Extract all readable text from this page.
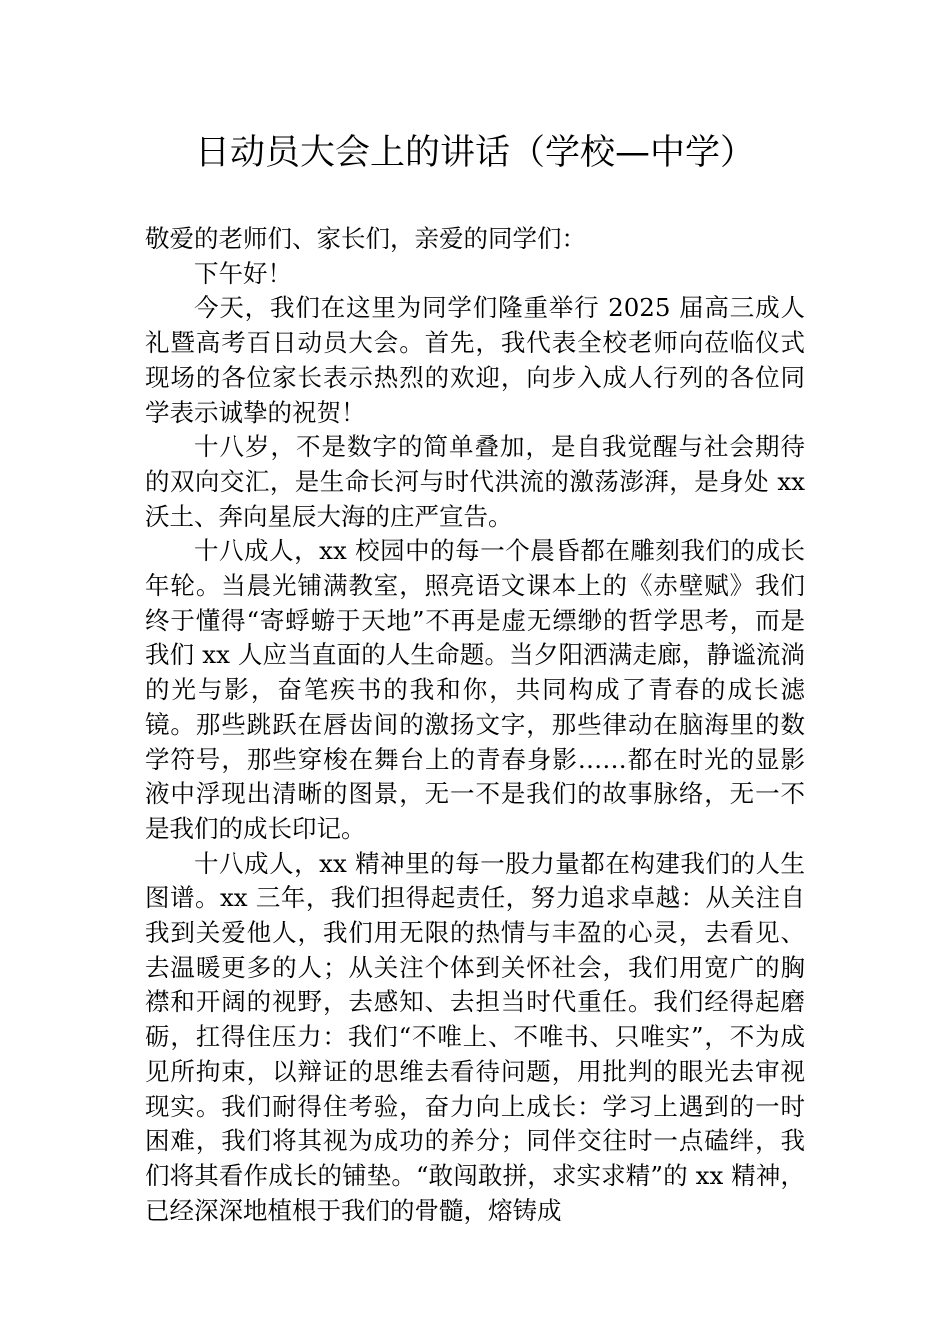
日动员大会上的讲话（学校—中学）

敬爱的老师们、家长们，亲爱的同学们：

下午好！

今天，我们在这里为同学们隆重举行 2025 届高三成人礼暨高考百日动员大会。首先，我代表全校老师向莅临仪式现场的各位家长表示热烈的欢迎，向步入成人行列的各位同学表示诚挚的祝贺！

十八岁，不是数字的简单叠加，是自我觉醒与社会期待的双向交汇，是生命长河与时代洪流的激荡澎湃，是身处 xx 沃土、奔向星辰大海的庄严宣告。

十八成人，xx 校园中的每一个晨昏都在雕刻我们的成长年轮。当晨光铺满教室，照亮语文课本上的《赤壁赋》我们终于懂得“寄蜉蝣于天地”不再是虚无缥缈的哲学思考，而是我们 xx 人应当直面的人生命题。当夕阳洒满走廊，静谧流淌的光与影，奋笔疾书的我和你，共同构成了青春的成长滤镜。那些跳跃在唇齿间的激扬文字，那些律动在脑海里的数学符号，那些穿梭在舞台上的青春身影……都在时光的显影液中浮现出清晰的图景，无一不是我们的故事脉络，无一不是我们的成长印记。

十八成人，xx 精神里的每一股力量都在构建我们的人生图谱。xx 三年，我们担得起责任，努力追求卓越：从关注自我到关爱他人，我们用无限的热情与丰盈的心灵，去看见、去温暖更多的人；从关注个体到关怀社会，我们用宽广的胸襟和开阔的视野，去感知、去担当时代重任。我们经得起磨砺，扛得住压力：我们“不唯上、不唯书、只唯实”，不为成见所拘束，以辩证的思维去看待问题，用批判的眼光去审视现实。我们耐得住考验，奋力向上成长：学习上遇到的一时困难，我们将其视为成功的养分；同伴交往时一点磕绊，我们将其看作成长的铺垫。“敢闯敢拼，求实求精”的 xx 精神，已经深深地植根于我们的骨髓，熔铸成
